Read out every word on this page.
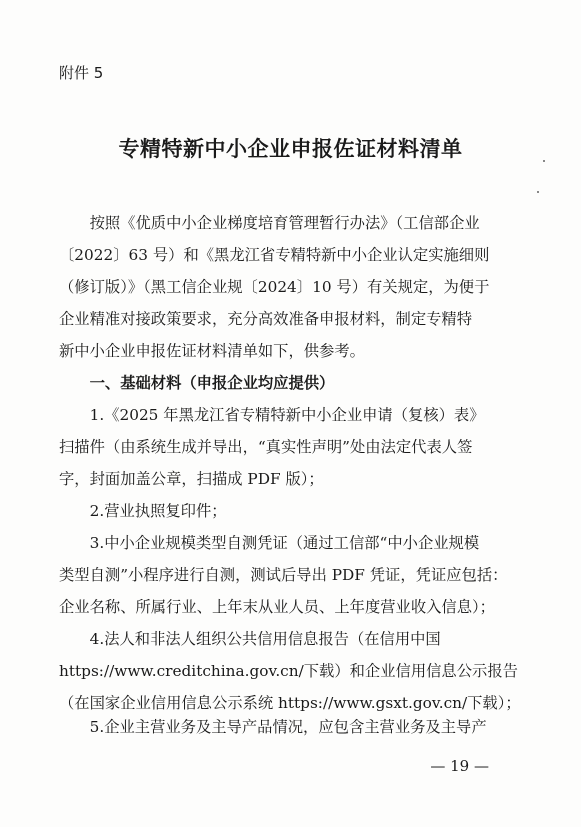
附件 5
专精特新中小企业申报佐证材料清单
　　按照《优质中小企业梯度培育管理暂行办法》（工信部企业
〔2022〕63 号）和《黑龙江省专精特新中小企业认定实施细则
（修订版）》（黑工信企业规〔2024〕10 号）有关规定，为便于
企业精准对接政策要求，充分高效准备申报材料，制定专精特
新中小企业申报佐证材料清单如下，供参考。
　　一、基础材料（申报企业均应提供）
　　1.《2025 年黑龙江省专精特新中小企业申请（复核）表》
扫描件（由系统生成并导出，“真实性声明”处由法定代表人签
字，封面加盖公章，扫描成 PDF 版）；
　　2.营业执照复印件；
　　3.中小企业规模类型自测凭证（通过工信部“中小企业规模
类型自测”小程序进行自测，测试后导出 PDF 凭证，凭证应包括：
企业名称、所属行业、上年末从业人员、上年度营业收入信息）；
　　4.法人和非法人组织公共信用信息报告（在信用中国
https://www.creditchina.gov.cn/下载）和企业信用信息公示报告
（在国家企业信用信息公示系统 https://www.gsxt.gov.cn/下载）；
　　5.企业主营业务及主导产品情况，应包含主营业务及主导产
— 19 —
